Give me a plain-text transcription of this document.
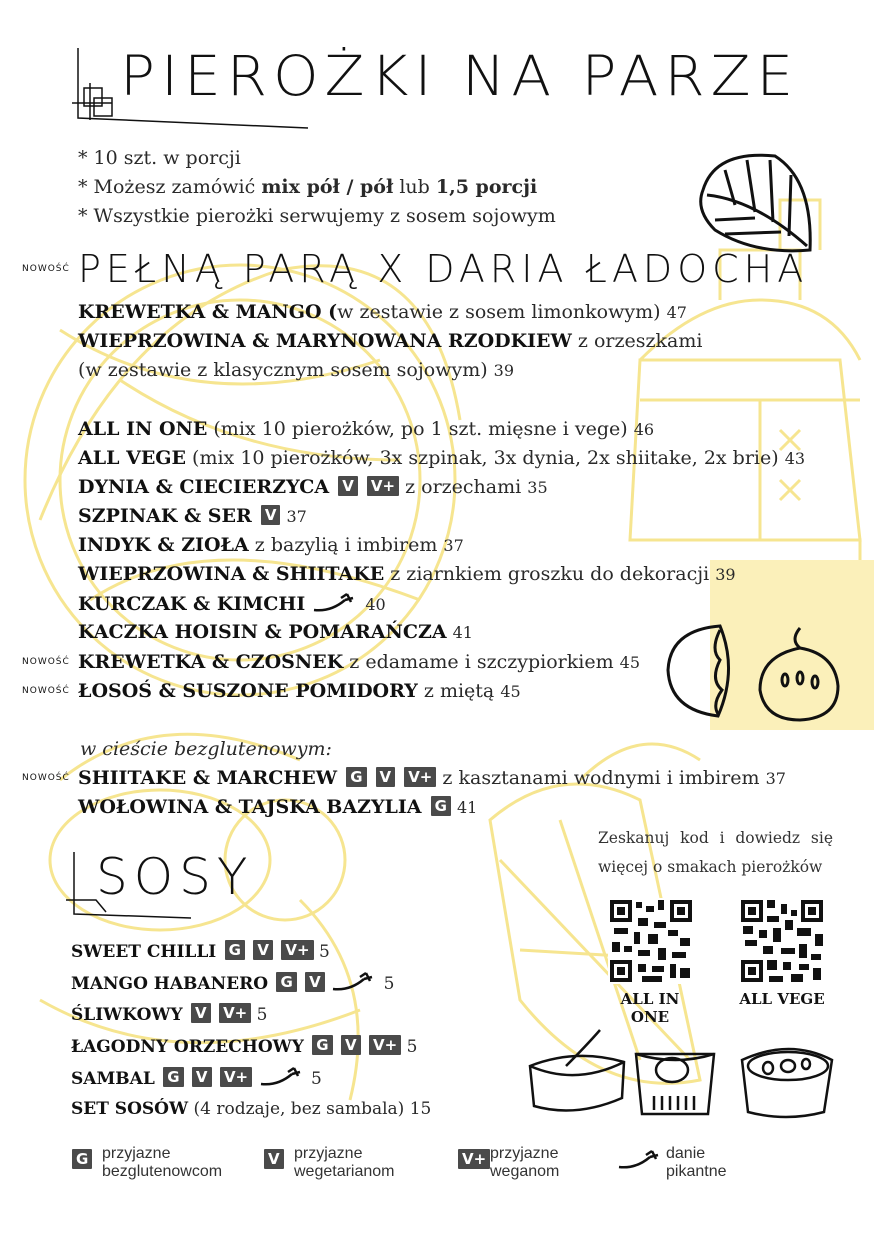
PIEROŻKI NA PARZE
* 10 szt. w porcji
* Możesz zamówić mix pół / pół lub 1,5 porcji
* Wszystkie pierożki serwujemy z sosem sojowym
NOWOŚĆ PEŁNĄ PARĄ X DARIA ŁADOCHA
KREWETKA & MANGO (w zestawie z sosem limonkowym) 47
WIEPRZOWINA & MARYNOWANA RZODKIEW z orzeszkami
(w zestawie z klasycznym sosem sojowym) 39
ALL IN ONE (mix 10 pierożków, po 1 szt. mięsne i vege) 46
ALL VEGE (mix 10 pierożków, 3x szpinak, 3x dynia, 2x shiitake, 2x brie) 43
DYNIA & CIECIERZYCA V V+ z orzechami 35
SZPINAK & SER V 37
INDYK & ZIOŁA z bazylią i imbirem 37
WIEPRZOWINA & SHIITAKE z ziarnkiem groszku do dekoracji 39
KURCZAK & KIMCHI	40
KACZKA HOISIN & POMARAŃCZA 41
NOWOŚĆ KREWETKA & CZOSNEK z edamame i szczypiorkiem 45
NOWOŚĆ ŁOSOŚ & SUSZONE POMIDORY z miętą 45
w cieście bezglutenowym:
NOWOŚĆ SHIITAKE & MARCHEW G V V+ z kasztanami wodnymi i imbirem 37
WOŁOWINA & TAJSKA BAZYLIA G 41
SOSY
SWEET CHILLI G V V+ 5
MANGO HABANERO G V	5
ŚLIWKOWY V V+ 5
ŁAGODNY ORZECHOWY G V V+ 5
SAMBAL G V V+	5
SET SOSÓW (4 rodzaje, bez sambala) 15
Zeskanuj kod i dowiedz się więcej o smakach pierożków
ALL IN ONE
ALL VEGE
G przyjazne
bezglutenowcom
V przyjazne
wegetarianom
V+ przyjazne
weganom
danie
pikantne
